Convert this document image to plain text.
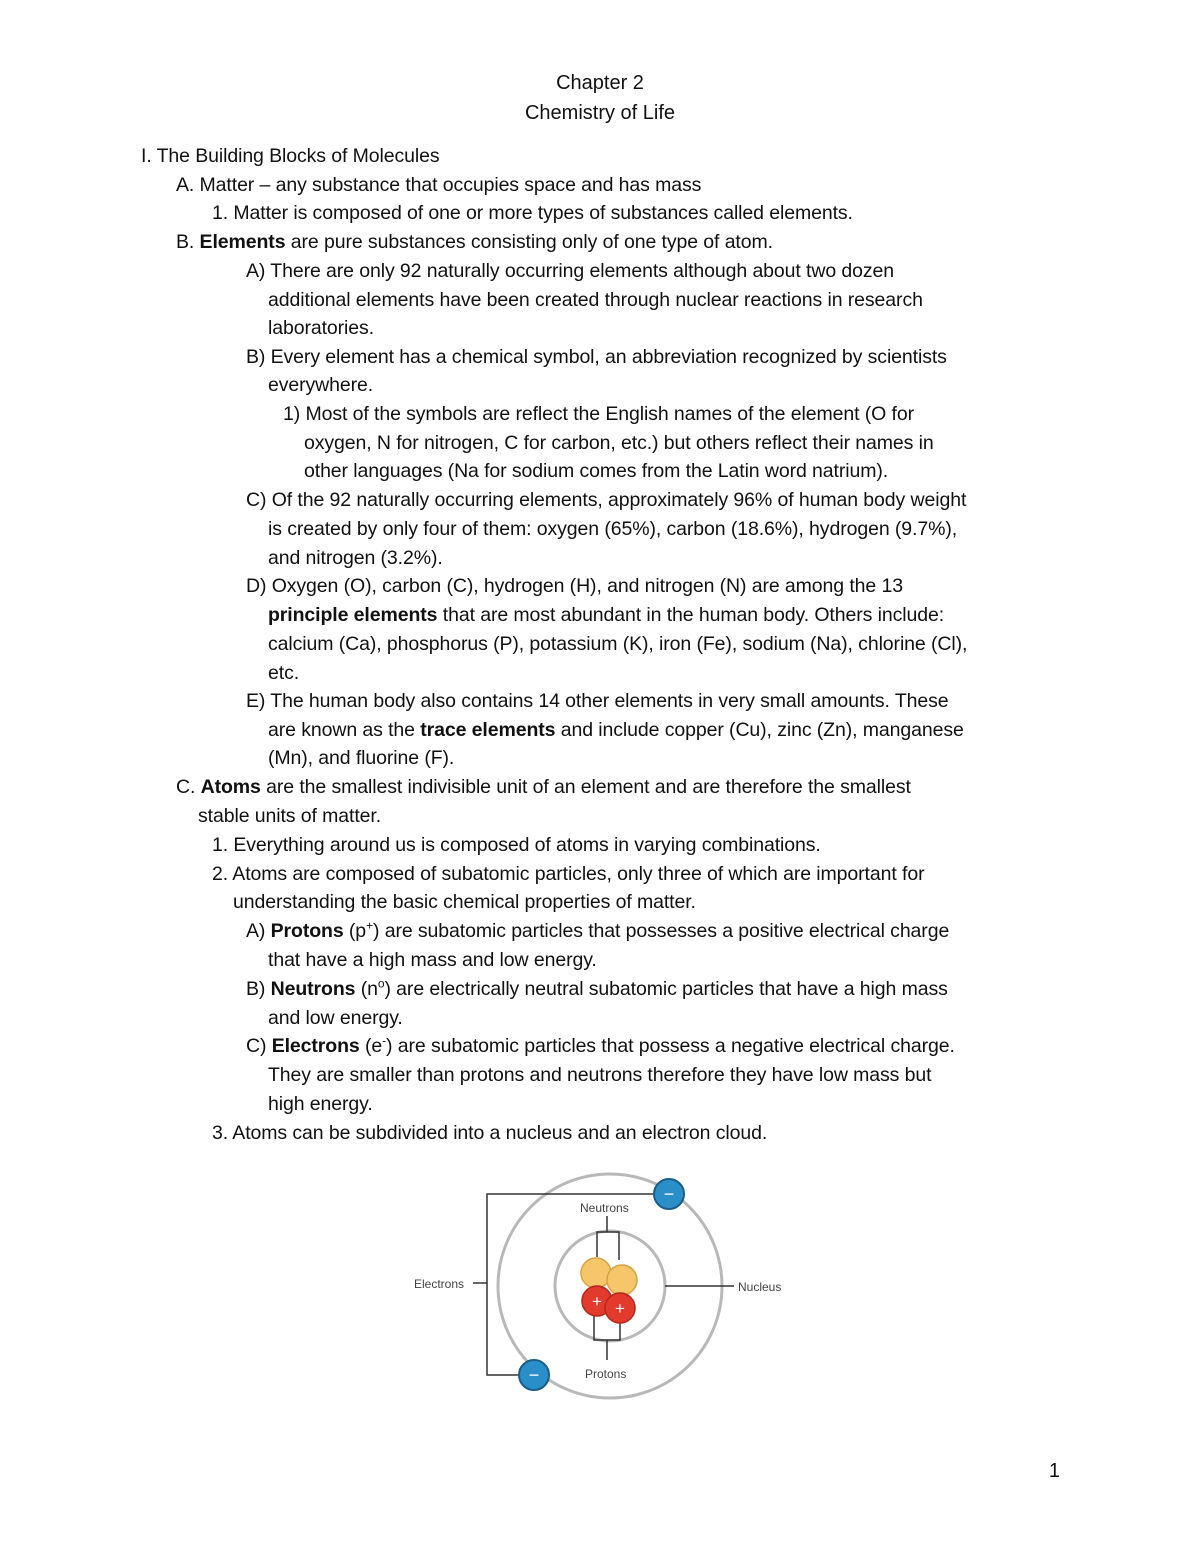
Chapter 2
Chemistry of Life
I. The Building Blocks of Molecules
A. Matter – any substance that occupies space and has mass
1. Matter is composed of one or more types of substances called elements.
B. Elements are pure substances consisting only of one type of atom.
A) There are only 92 naturally occurring elements although about two dozen
additional elements have been created through nuclear reactions in research
laboratories.
B) Every element has a chemical symbol, an abbreviation recognized by scientists
everywhere.
1) Most of the symbols are reflect the English names of the element (O for
oxygen, N for nitrogen, C for carbon, etc.) but others reflect their names in
other languages (Na for sodium comes from the Latin word natrium).
C) Of the 92 naturally occurring elements, approximately 96% of human body weight
is created by only four of them: oxygen (65%), carbon (18.6%), hydrogen (9.7%),
and nitrogen (3.2%).
D) Oxygen (O), carbon (C), hydrogen (H), and nitrogen (N) are among the 13
principle elements that are most abundant in the human body. Others include:
calcium (Ca), phosphorus (P), potassium (K), iron (Fe), sodium (Na), chlorine (Cl),
etc.
E) The human body also contains 14 other elements in very small amounts. These
are known as the trace elements and include copper (Cu), zinc (Zn), manganese
(Mn), and fluorine (F).
C. Atoms are the smallest indivisible unit of an element and are therefore the smallest
stable units of matter.
1. Everything around us is composed of atoms in varying combinations.
2. Atoms are composed of subatomic particles, only three of which are important for
understanding the basic chemical properties of matter.
A) Protons (p+) are subatomic particles that possesses a positive electrical charge
that have a high mass and low energy.
B) Neutrons $(n^o)$ are electrically neutral subatomic particles that have a high mass
and low energy.
C) Electrons (e-) are subatomic particles that possess a negative electrical charge.
They are smaller than protons and neutrons therefore they have low mass but
high energy.
3. Atoms can be subdivided into a nucleus and an electron cloud.
Electrons
Neutrons
Protons
Nucleus
+ +
−
−
1
